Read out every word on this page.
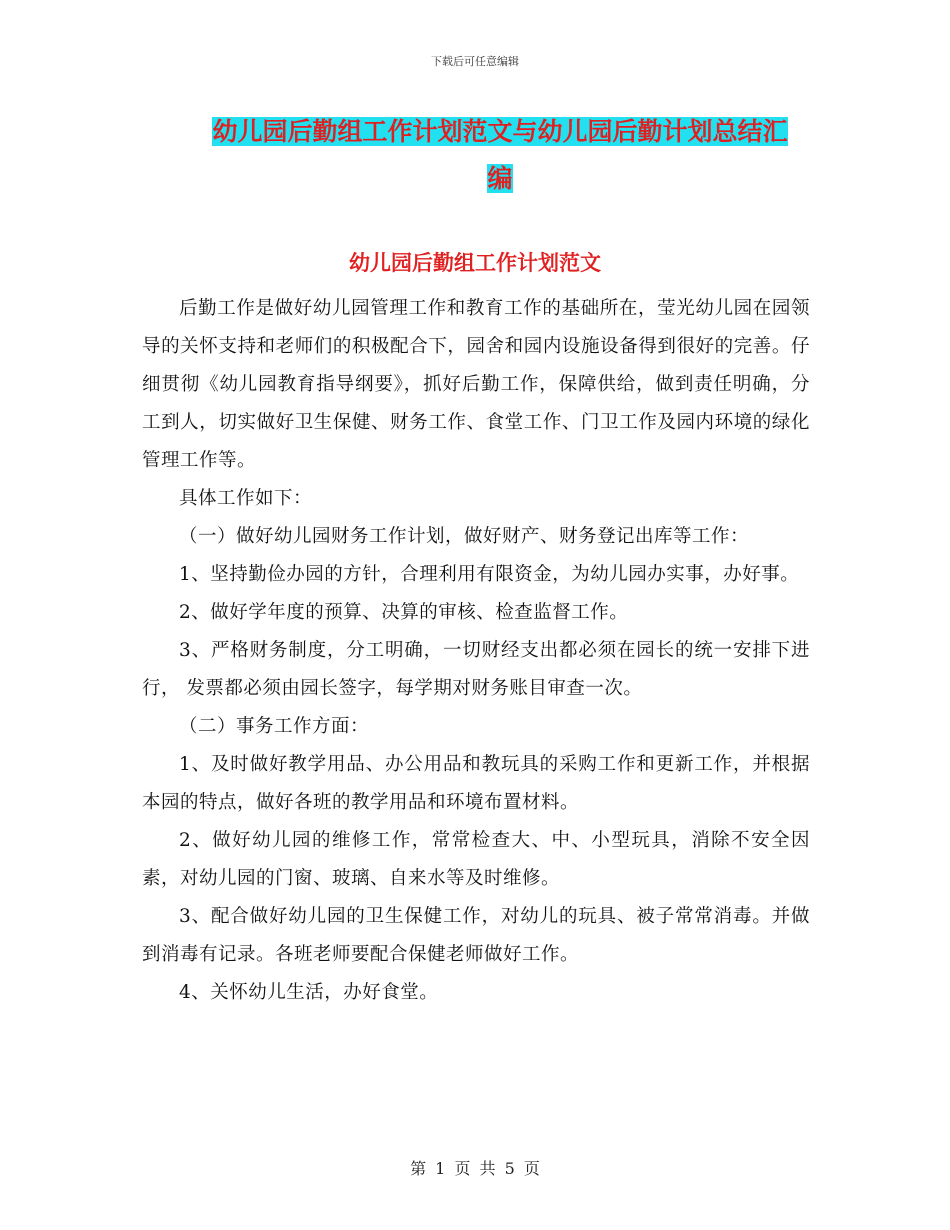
下载后可任意编辑
幼儿园后勤组工作计划范文与幼儿园后勤计划总结汇
编
幼儿园后勤组工作计划范文

后勤工作是做好幼儿园管理工作和教育工作的基础所在，莹光幼儿园在园领导的关怀支持和老师们的积极配合下，园舍和园内设施设备得到很好的完善。仔细贯彻《幼儿园教育指导纲要》，抓好后勤工作，保障供给，做到责任明确，分工到人，切实做好卫生保健、财务工作、食堂工作、门卫工作及园内环境的绿化管理工作等。

具体工作如下：

（一）做好幼儿园财务工作计划，做好财产、财务登记出库等工作：

1、坚持勤俭办园的方针，合理利用有限资金，为幼儿园办实事，办好事。

2、做好学年度的预算、决算的审核、检查监督工作。

3、严格财务制度，分工明确，一切财经支出都必须在园长的统一安排下进行， 发票都必须由园长签字，每学期对财务账目审查一次。

（二）事务工作方面：

1、及时做好教学用品、办公用品和教玩具的采购工作和更新工作，并根据本园的特点，做好各班的教学用品和环境布置材料。

2、做好幼儿园的维修工作，常常检查大、中、小型玩具，消除不安全因素，对幼儿园的门窗、玻璃、自来水等及时维修。

3、配合做好幼儿园的卫生保健工作，对幼儿的玩具、被子常常消毒。并做到消毒有记录。各班老师要配合保健老师做好工作。

4、关怀幼儿生活，办好食堂。

第 1 页 共 5 页
